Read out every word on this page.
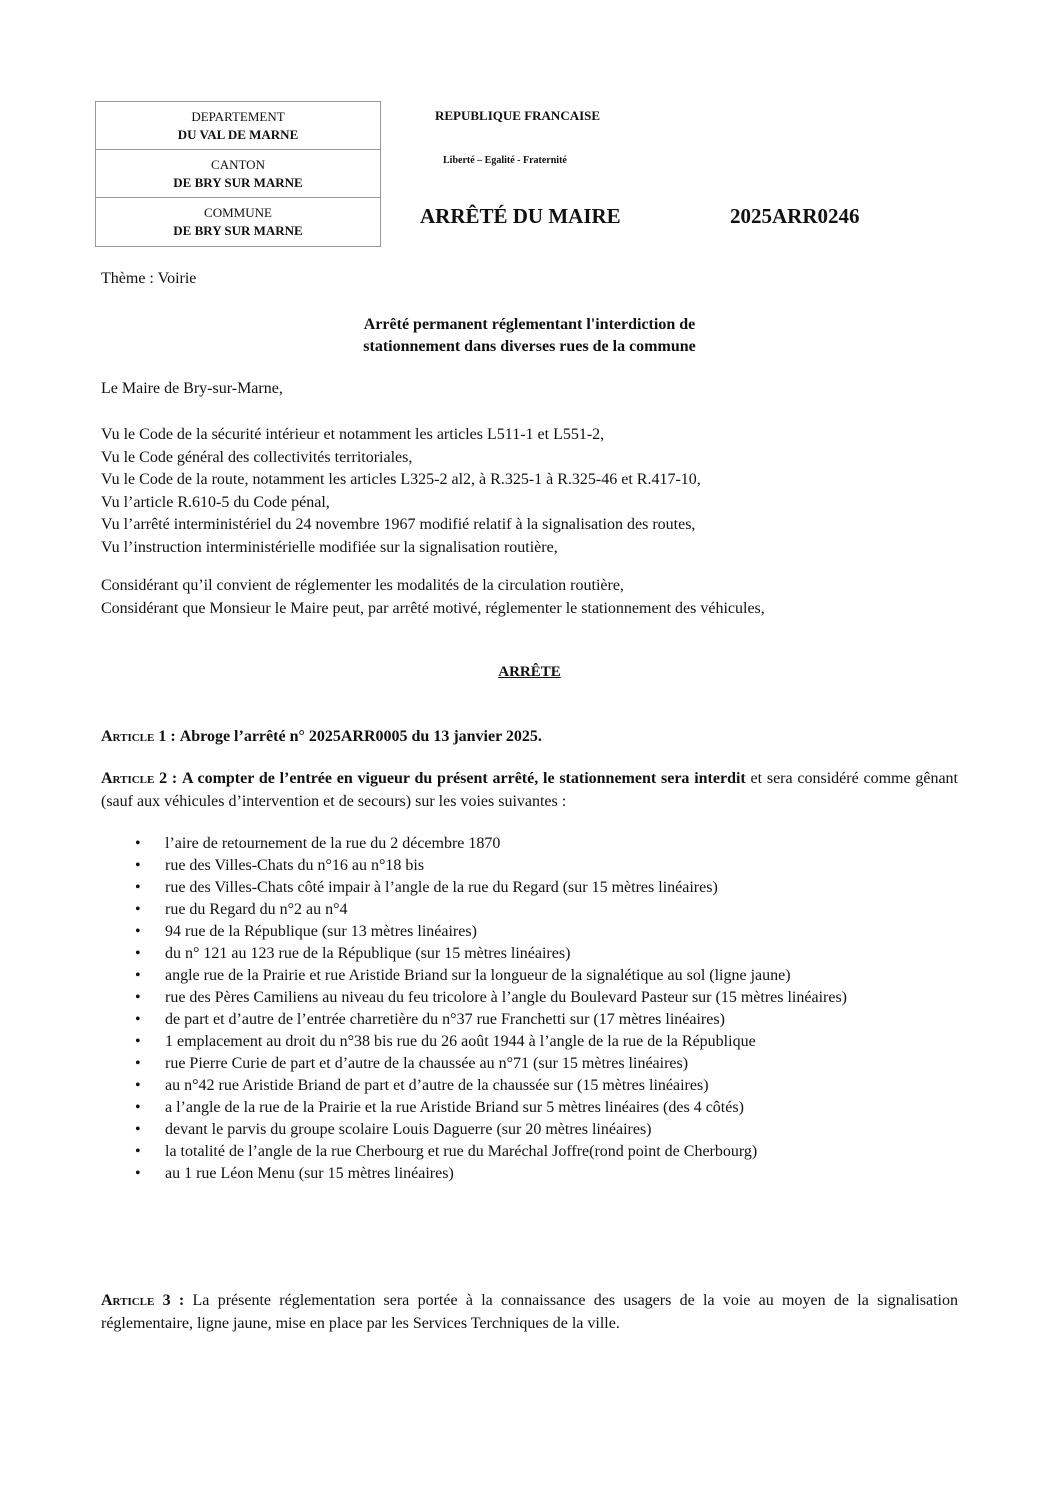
DEPARTEMENT
DU VAL DE MARNE
CANTON
DE BRY SUR MARNE
COMMUNE
DE BRY SUR MARNE
REPUBLIQUE FRANCAISE
Liberté – Egalité - Fraternité
ARRÊTÉ DU MAIRE	2025ARR0246
Thème : Voirie
Arrêté permanent réglementant l'interdiction de
stationnement dans diverses rues de la commune
Le Maire de Bry-sur-Marne,

Vu le Code de la sécurité intérieur et notamment les articles L511-1 et L551-2,

Vu le Code général des collectivités territoriales,

Vu le Code de la route, notamment les articles L325-2 al2, à R.325-1 à R.325-46 et R.417-10,

Vu l’article R.610-5 du Code pénal,

Vu l’arrêté interministériel du 24 novembre 1967 modifié relatif à la signalisation des routes,

Vu l’instruction interministérielle modifiée sur la signalisation routière,

Considérant qu’il convient de réglementer les modalités de la circulation routière,

Considérant que Monsieur le Maire peut, par arrêté motivé, réglementer le stationnement des véhicules,

ARRÊTE
Article 1 : Abroge l’arrêté n° 2025ARR0005 du 13 janvier 2025.
Article 2 : A compter de l’entrée en vigueur du présent arrêté, le stationnement sera interdit et sera considéré comme gênant (sauf aux véhicules d’intervention et de secours) sur les voies suivantes :
• l’aire de retournement de la rue du 2 décembre 1870
• rue des Villes-Chats du n°16 au n°18 bis
• rue des Villes-Chats côté impair à l’angle de la rue du Regard (sur 15 mètres linéaires)
• rue du Regard du n°2 au n°4
• 94 rue de la République (sur 13 mètres linéaires)
• du n° 121 au 123 rue de la République (sur 15 mètres linéaires)
• angle rue de la Prairie et rue Aristide Briand sur la longueur de la signalétique au sol (ligne jaune)
• rue des Pères Camiliens au niveau du feu tricolore à l’angle du Boulevard Pasteur sur (15 mètres linéaires)
• de part et d’autre de l’entrée charretière du n°37 rue Franchetti sur (17 mètres linéaires)
• 1 emplacement au droit du n°38 bis rue du 26 août 1944 à l’angle de la rue de la République
• rue Pierre Curie de part et d’autre de la chaussée au n°71 (sur 15 mètres linéaires)
• au n°42 rue Aristide Briand de part et d’autre de la chaussée sur (15 mètres linéaires)
• a l’angle de la rue de la Prairie et la rue Aristide Briand sur 5 mètres linéaires (des 4 côtés)
• devant le parvis du groupe scolaire Louis Daguerre (sur 20 mètres linéaires)
• la totalité de l’angle de la rue Cherbourg et rue du Maréchal Joffre(rond point de Cherbourg)
• au 1 rue Léon Menu (sur 15 mètres linéaires)
Article 3 : La présente réglementation sera portée à la connaissance des usagers de la voie au moyen de la signalisation réglementaire, ligne jaune, mise en place par les Services Terchniques de la ville.
